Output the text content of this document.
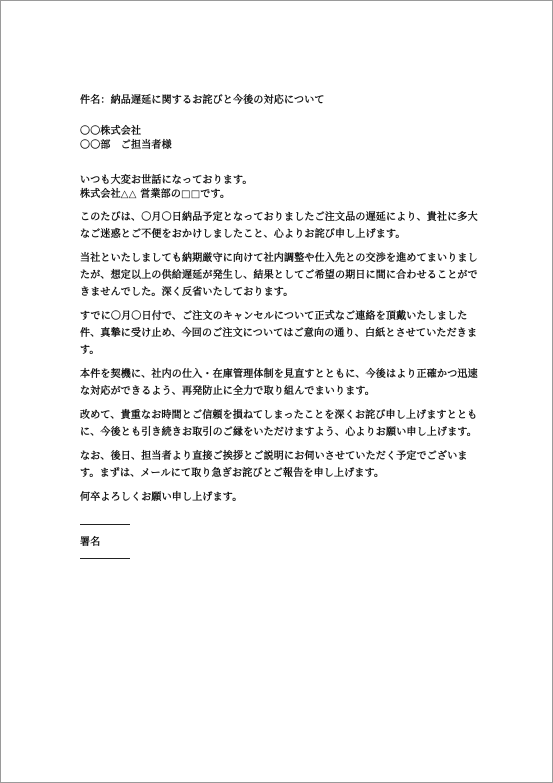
件名：納品遅延に関するお詫びと今後の対応について
〇〇株式会社
〇〇部　ご担当者様
いつも大変お世話になっております。
株式会社△△ 営業部の□□です。

このたびは、〇月〇日納品予定となっておりましたご注文品の遅延により、貴社に多大なご迷惑とご不便をおかけしましたこと、心よりお詫び申し上げます。

当社といたしましても納期厳守に向けて社内調整や仕入先との交渉を進めてまいりましたが、想定以上の供給遅延が発生し、結果としてご希望の期日に間に合わせることができませんでした。深く反省いたしております。

すでに〇月〇日付で、ご注文のキャンセルについて正式なご連絡を頂戴いたしました件、真摯に受け止め、今回のご注文についてはご意向の通り、白紙とさせていただきます。

本件を契機に、社内の仕入・在庫管理体制を見直すとともに、今後はより正確かつ迅速な対応ができるよう、再発防止に全力で取り組んでまいります。

改めて、貴重なお時間とご信頼を損ねてしまったことを深くお詫び申し上げますとともに、今後とも引き続きお取引のご縁をいただけますよう、心よりお願い申し上げます。

なお、後日、担当者より直接ご挨拶とご説明にお伺いさせていただく予定でございます。まずは、メールにて取り急ぎお詫びとご報告を申し上げます。

何卒よろしくお願い申し上げます。
署名
